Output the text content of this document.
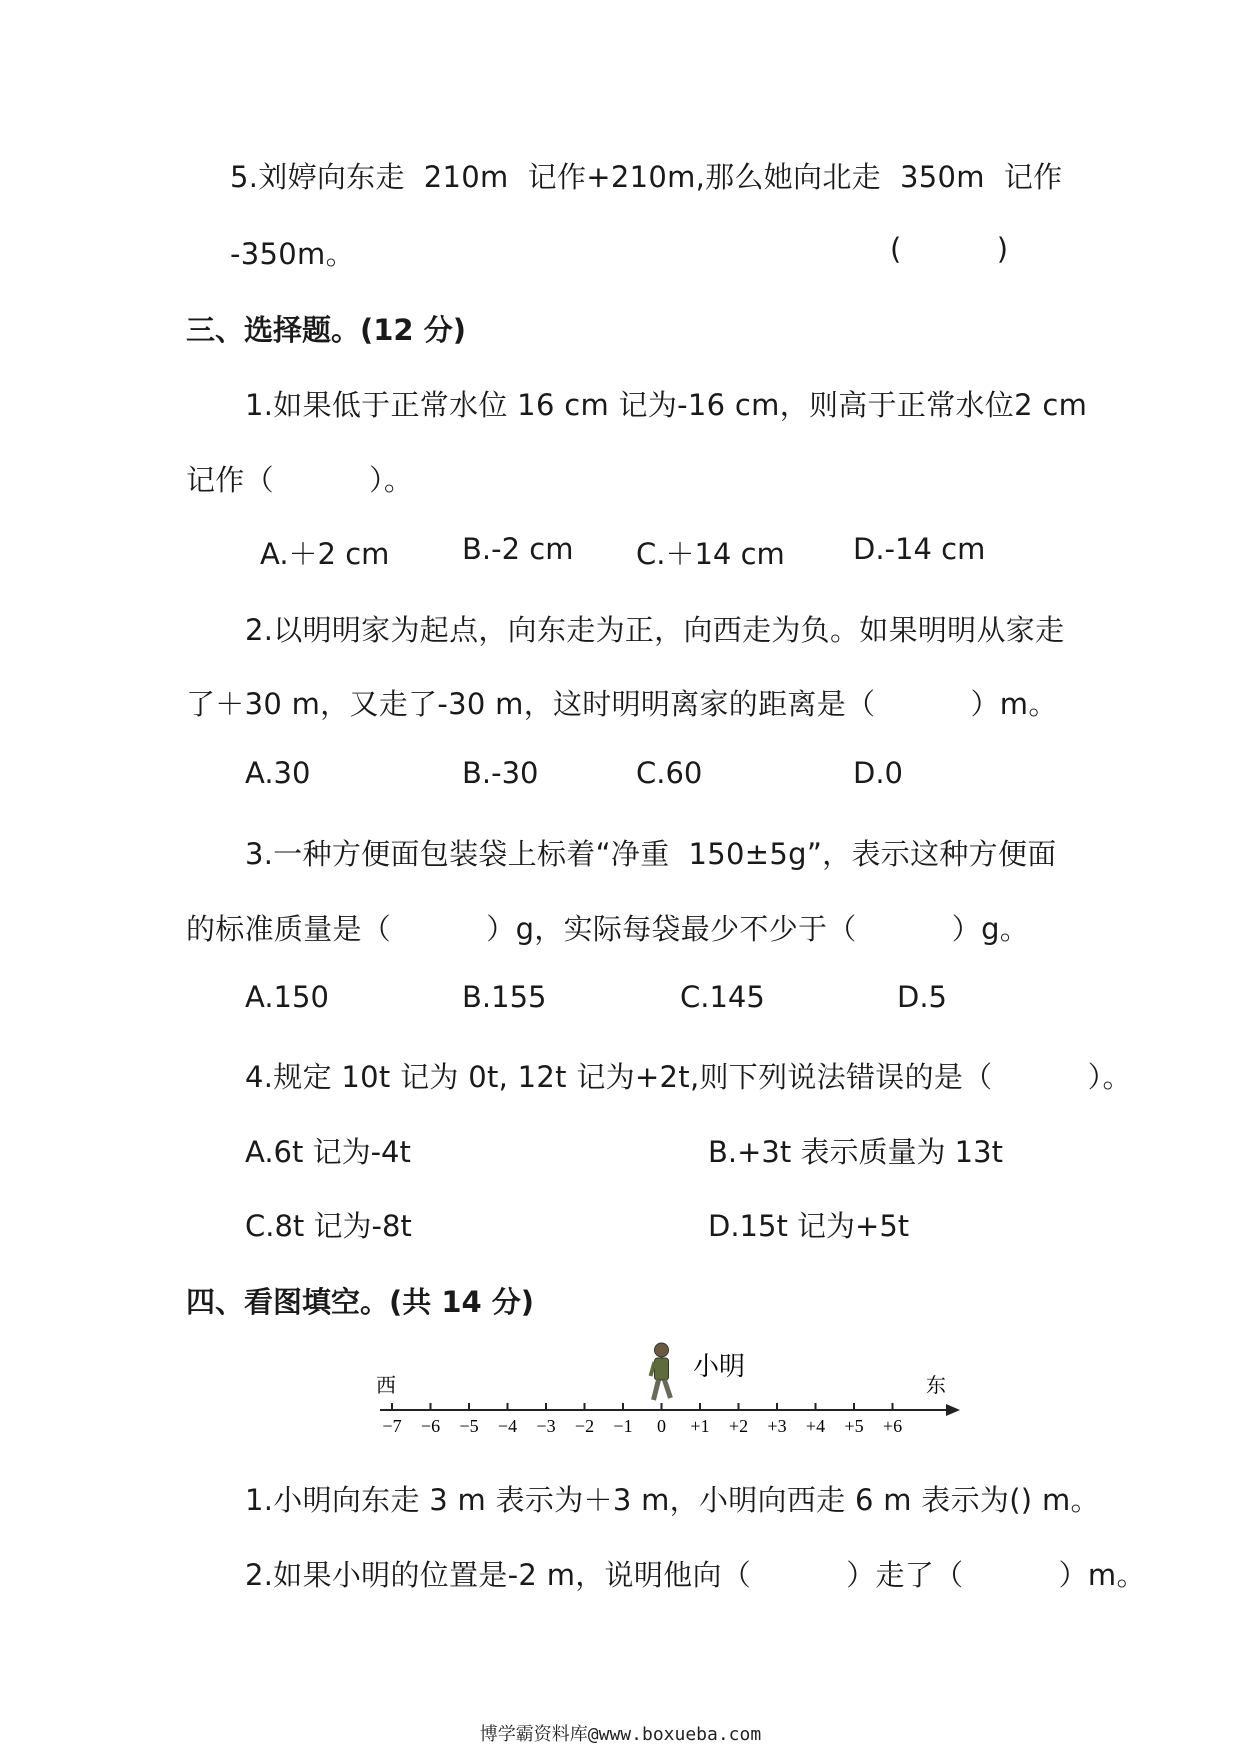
5.刘婷向东走  210m  记作+210m,那么她向北走  350m  记作
-350m。	(          )
三、选择题。(12 分)
1.如果低于正常水位 16 cm 记为-16 cm，则高于正常水位2 cm
记作（          ）。
A.＋2 cm	B.-2 cm C.＋14 cm D.-14 cm
2.以明明家为起点，向东走为正，向西走为负。如果明明从家走
了＋30 m，又走了-30 m，这时明明离家的距离是（          ）m。
A.30	B.-30	C.60	D.0
3.一种方便面包装袋上标着“净重  150±5g”，表示这种方便面
的标准质量是（          ）g，实际每袋最少不少于（          ）g。
A.150	B.155	C.145	D.5
4.规定 10t 记为 0t, 12t 记为+2t,则下列说法错误的是（          ）。
A.6t 记为-4t	B.+3t 表示质量为 13t
C.8t 记为-8t	D.15t 记为+5t
四、看图填空。(共 14 分)
西	东
小明
−7 −6 −5 −4 −3 −2 −1 0 +1 +2 +3 +4 +5 +6
1.小明向东走 3 m 表示为＋3 m，小明向西走 6 m 表示为() m。
2.如果小明的位置是-2 m，说明他向（          ）走了（          ）m。
博学霸资料库@www.boxueba.com
